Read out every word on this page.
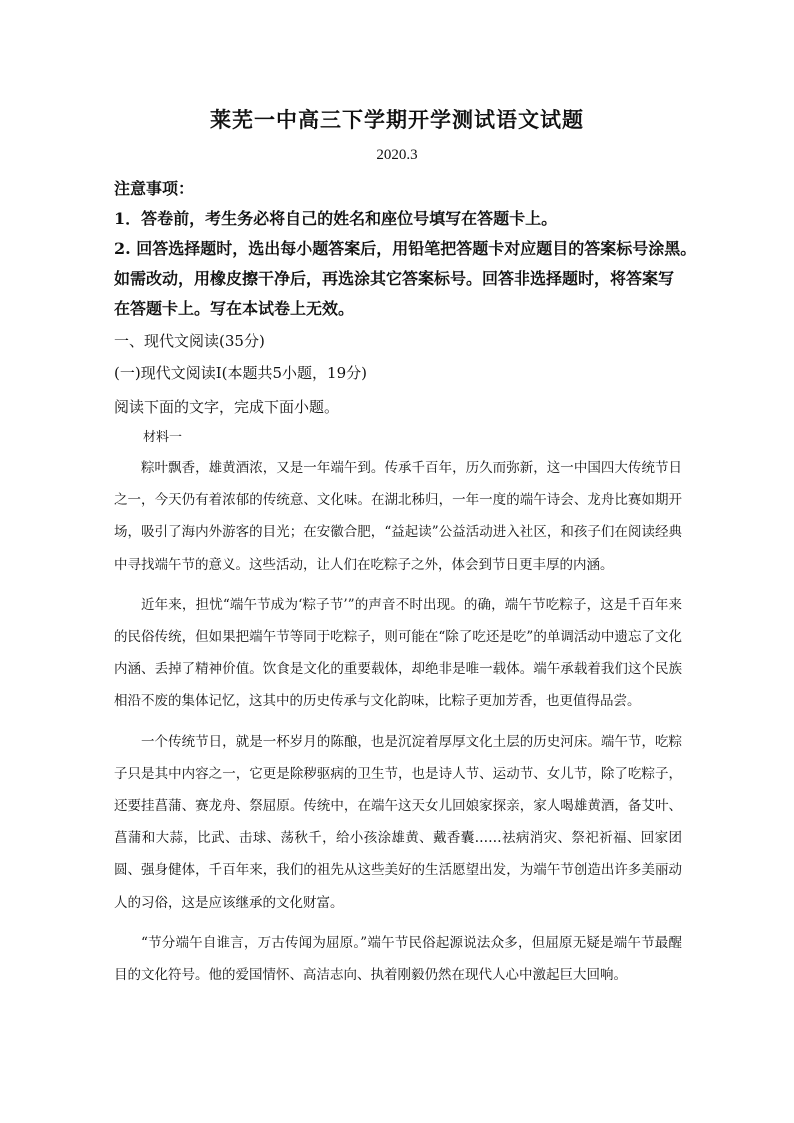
莱芜一中高三下学期开学测试语文试题
2020.3
注意事项：
1．答卷前，考生务必将自己的姓名和座位号填写在答题卡上。
2. 回答选择题时，选出每小题答案后，用铅笔把答题卡对应题目的答案标号涂黑。
如需改动，用橡皮擦干净后，再选涂其它答案标号。回答非选择题时，将答案写
在答题卡上。写在本试卷上无效。
一、现代文阅读(35分)
(一)现代文阅读Ⅰ(本题共5小题，19分)
阅读下面的文字，完成下面小题。
材料一

粽叶飘香，雄黄酒浓，又是一年端午到。传承千百年，历久而弥新，这一中国四大传统节日之一，今天仍有着浓郁的传统意、文化味。在湖北秭归，一年一度的端午诗会、龙舟比赛如期开场，吸引了海内外游客的目光；在安徽合肥，“益起读”公益活动进入社区，和孩子们在阅读经典中寻找端午节的意义。这些活动，让人们在吃粽子之外，体会到节日更丰厚的内涵。

近年来，担忧“端午节成为‘粽子节’”的声音不时出现。的确，端午节吃粽子，这是千百年来的民俗传统，但如果把端午节等同于吃粽子，则可能在“除了吃还是吃”的单调活动中遗忘了文化内涵、丢掉了精神价值。饮食是文化的重要载体，却绝非是唯一载体。端午承载着我们这个民族相沿不废的集体记忆，这其中的历史传承与文化韵味，比粽子更加芳香，也更值得品尝。

一个传统节日，就是一杯岁月的陈酿，也是沉淀着厚厚文化土层的历史河床。端午节，吃粽子只是其中内容之一，它更是除秽驱病的卫生节，也是诗人节、运动节、女儿节，除了吃粽子，还要挂菖蒲、赛龙舟、祭屈原。传统中，在端午这天女儿回娘家探亲，家人喝雄黄酒，备艾叶、菖蒲和大蒜，比武、击球、荡秋千，给小孩涂雄黄、戴香囊……祛病消灾、祭祀祈福、回家团圆、强身健体，千百年来，我们的祖先从这些美好的生活愿望出发，为端午节创造出许多美丽动人的习俗，这是应该继承的文化财富。

“节分端午自谁言，万古传闻为屈原。”端午节民俗起源说法众多，但屈原无疑是端午节最醒目的文化符号。他的爱国情怀、高洁志向、执着刚毅仍然在现代人心中激起巨大回响。
